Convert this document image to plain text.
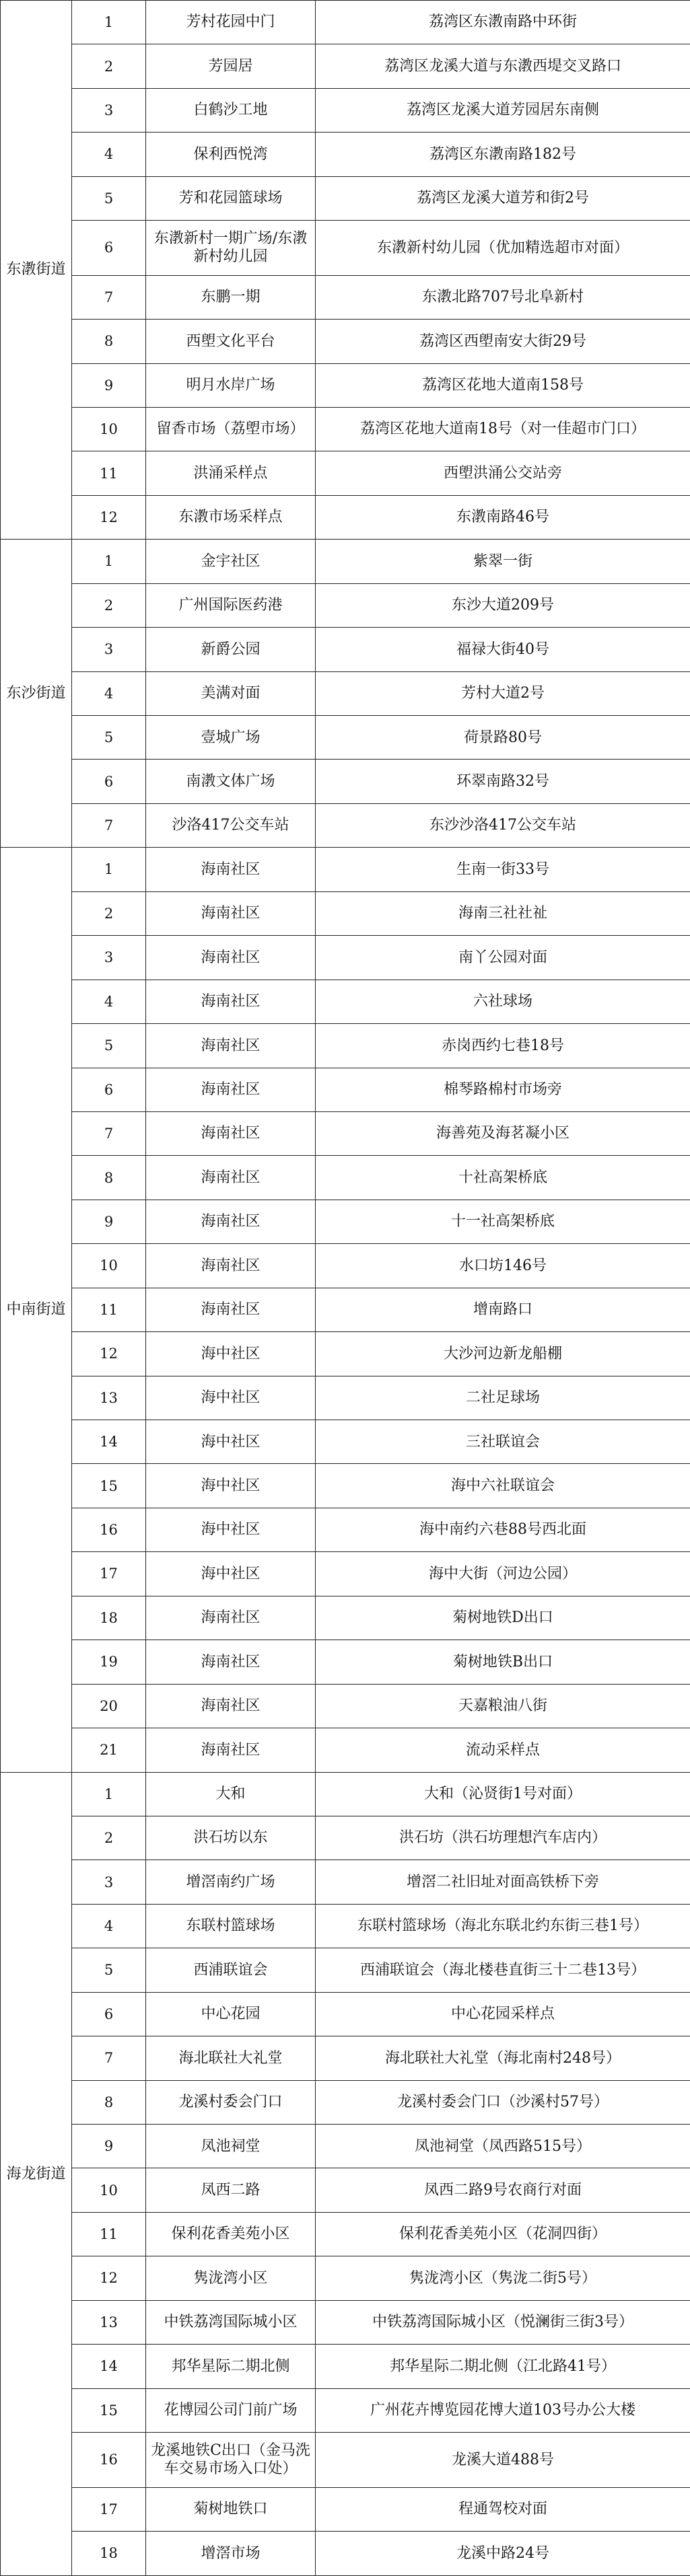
东漖街道	1	芳村花园中门	荔湾区东漖南路中环街
	2	芳园居	荔湾区龙溪大道与东漖西堤交叉路口
	3	白鹤沙工地	荔湾区龙溪大道芳园居东南侧
	4	保利西悦湾	荔湾区东漖南路182号
	5	芳和花园篮球场	荔湾区龙溪大道芳和街2号
	6	东漖新村一期广场/东漖新村幼儿园	东漖新村幼儿园（优加精选超市对面）
	7	东鹏一期	东漖北路707号北阜新村
	8	西塱文化平台	荔湾区西塱南安大街29号
	9	明月水岸广场	荔湾区花地大道南158号
	10	留香市场（荔塱市场）	荔湾区花地大道南18号（对一佳超市门口）
	11	洪涌采样点	西塱洪涌公交站旁
	12	东漖市场采样点	东漖南路46号
东沙街道	1	金宇社区	紫翠一街
	2	广州国际医药港	东沙大道209号
	3	新爵公园	福禄大街40号
	4	美满对面	芳村大道2号
	5	壹城广场	荷景路80号
	6	南漖文体广场	环翠南路32号
	7	沙洛417公交车站	东沙沙洛417公交车站
中南街道	1	海南社区	生南一街33号
	2	海南社区	海南三社社祉
	3	海南社区	南丫公园对面
	4	海南社区	六社球场
	5	海南社区	赤岗西约七巷18号
	6	海南社区	棉琴路棉村市场旁
	7	海南社区	海善苑及海茗凝小区
	8	海南社区	十社高架桥底
	9	海南社区	十一社高架桥底
	10	海南社区	水口坊146号
	11	海南社区	增南路口
	12	海中社区	大沙河边新龙船棚
	13	海中社区	二社足球场
	14	海中社区	三社联谊会
	15	海中社区	海中六社联谊会
	16	海中社区	海中南约六巷88号西北面
	17	海中社区	海中大街（河边公园）
	18	海南社区	菊树地铁D出口
	19	海南社区	菊树地铁B出口
	20	海南社区	天嘉粮油八街
	21	海南社区	流动采样点
海龙街道	1	大和	大和（沁贤街1号对面）
	2	洪石坊以东	洪石坊（洪石坊理想汽车店内）
	3	增滘南约广场	增滘二社旧址对面高铁桥下旁
	4	东联村篮球场	东联村篮球场（海北东联北约东街三巷1号）
	5	西浦联谊会	西浦联谊会（海北楼巷直街三十二巷13号）
	6	中心花园	中心花园采样点
	7	海北联社大礼堂	海北联社大礼堂（海北南村248号）
	8	龙溪村委会门口	龙溪村委会门口（沙溪村57号）
	9	凤池祠堂	凤池祠堂（凤西路515号）
	10	凤西二路	凤西二路9号农商行对面
	11	保利花香美苑小区	保利花香美苑小区（花洞四街）
	12	隽泷湾小区	隽泷湾小区（隽泷二街5号）
	13	中铁荔湾国际城小区	中铁荔湾国际城小区（悦澜街三街3号）
	14	邦华星际二期北侧	邦华星际二期北侧（江北路41号）
	15	花博园公司门前广场	广州花卉博览园花博大道103号办公大楼
	16	龙溪地铁C出口（金马洗车交易市场入口处）	龙溪大道488号
	17	菊树地铁口	程通驾校对面
	18	增滘市场	龙溪中路24号
